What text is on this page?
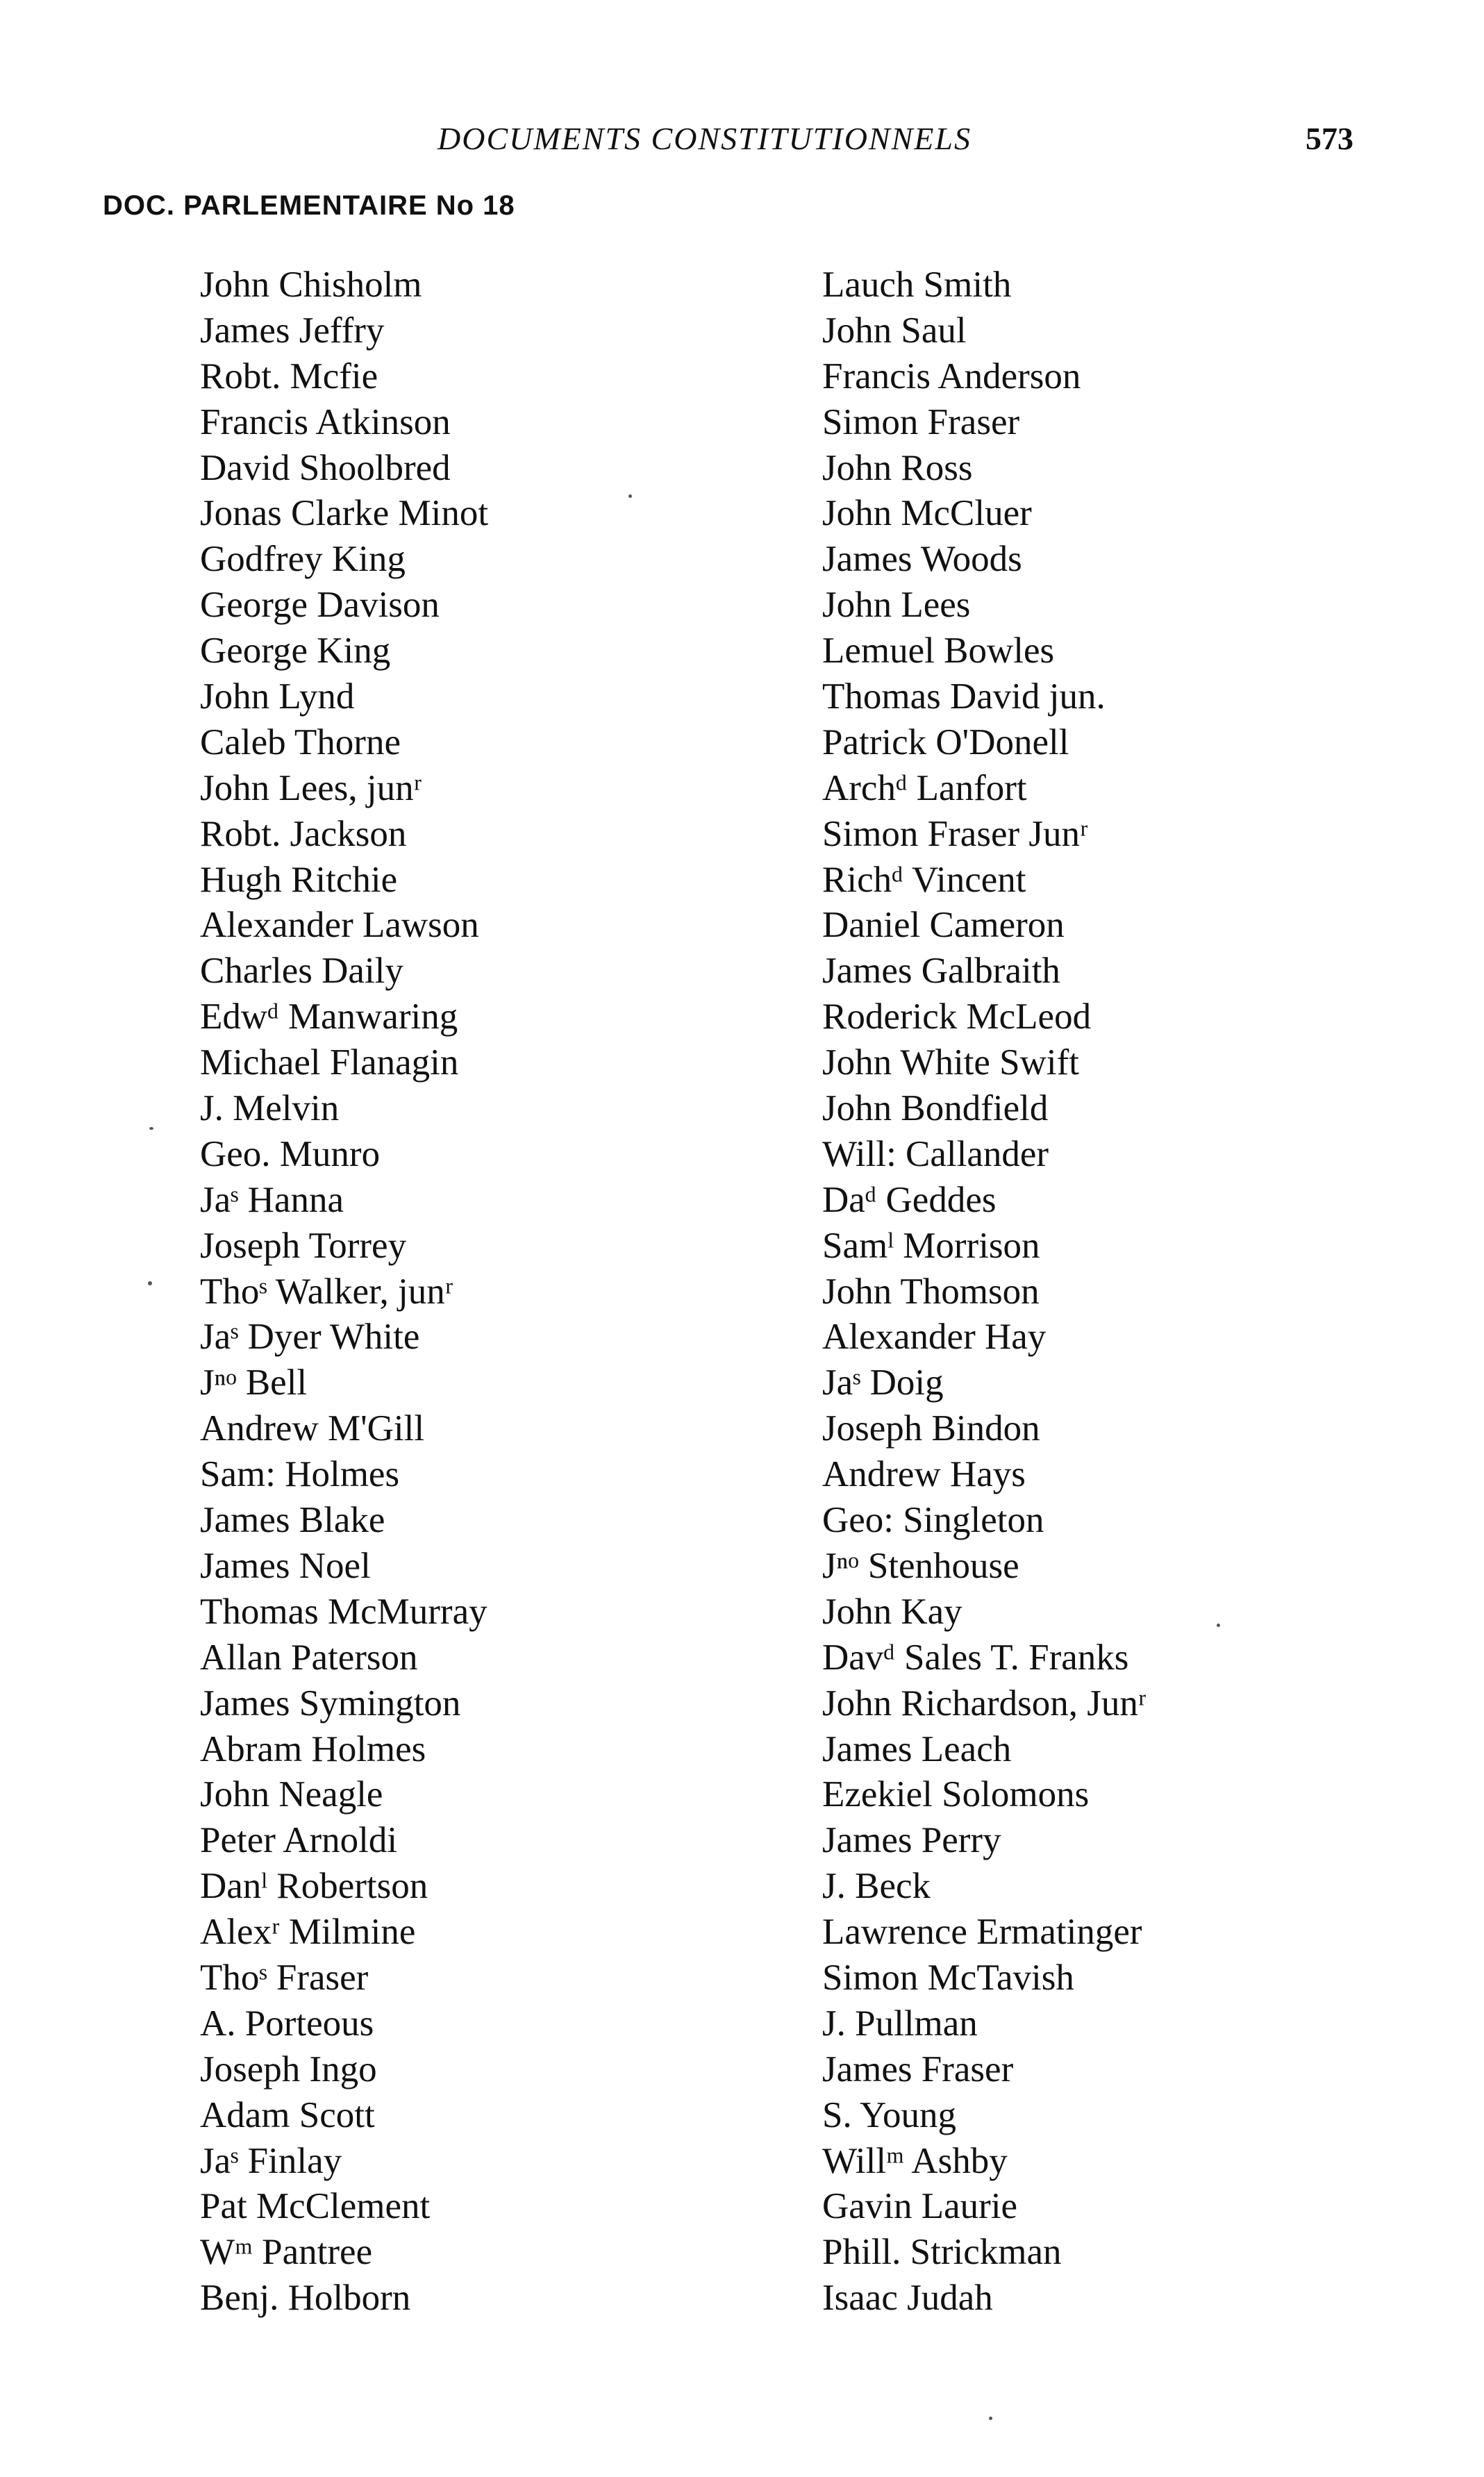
DOCUMENTS CONSTITUTIONNELS	573
DOC. PARLEMENTAIRE No 18
John Chisholm
James Jeffry
Robt. Mcfie
Francis Atkinson
David Shoolbred
Jonas Clarke Minot
Godfrey King
George Davison
George King
John Lynd
Caleb Thorne
John Lees, junʳ
Robt. Jackson
Hugh Ritchie
Alexander Lawson
Charles Daily
Edwᵈ Manwaring
Michael Flanagin
J. Melvin
Geo. Munro
Jaˢ Hanna
Joseph Torrey
Thoˢ Walker, junʳ
Jaˢ Dyer White
Jⁿᵒ Bell
Andrew M'Gill
Sam: Holmes
James Blake
James Noel
Thomas McMurray
Allan Paterson
James Symington
Abram Holmes
John Neagle
Peter Arnoldi
Danˡ Robertson
Alexʳ Milmine
Thoˢ Fraser
A. Porteous
Joseph Ingo
Adam Scott
Jaˢ Finlay
Pat McClement
Wᵐ Pantree
Benj. Holborn
Lauch Smith
John Saul
Francis Anderson
Simon Fraser
John Ross
John McCluer
James Woods
John Lees
Lemuel Bowles
Thomas David jun.
Patrick O'Donell
Archᵈ Lanfort
Simon Fraser Junʳ
Richᵈ Vincent
Daniel Cameron
James Galbraith
Roderick McLeod
John White Swift
John Bondfield
Will: Callander
Daᵈ Geddes
Samˡ Morrison
John Thomson
Alexander Hay
Jaˢ Doig
Joseph Bindon
Andrew Hays
Geo: Singleton
Jⁿᵒ Stenhouse
John Kay
Davᵈ Sales T. Franks
John Richardson, Junʳ
James Leach
Ezekiel Solomons
James Perry
J. Beck
Lawrence Ermatinger
Simon McTavish
J. Pullman
James Fraser
S. Young
Willᵐ Ashby
Gavin Laurie
Phill. Strickman
Isaac Judah
